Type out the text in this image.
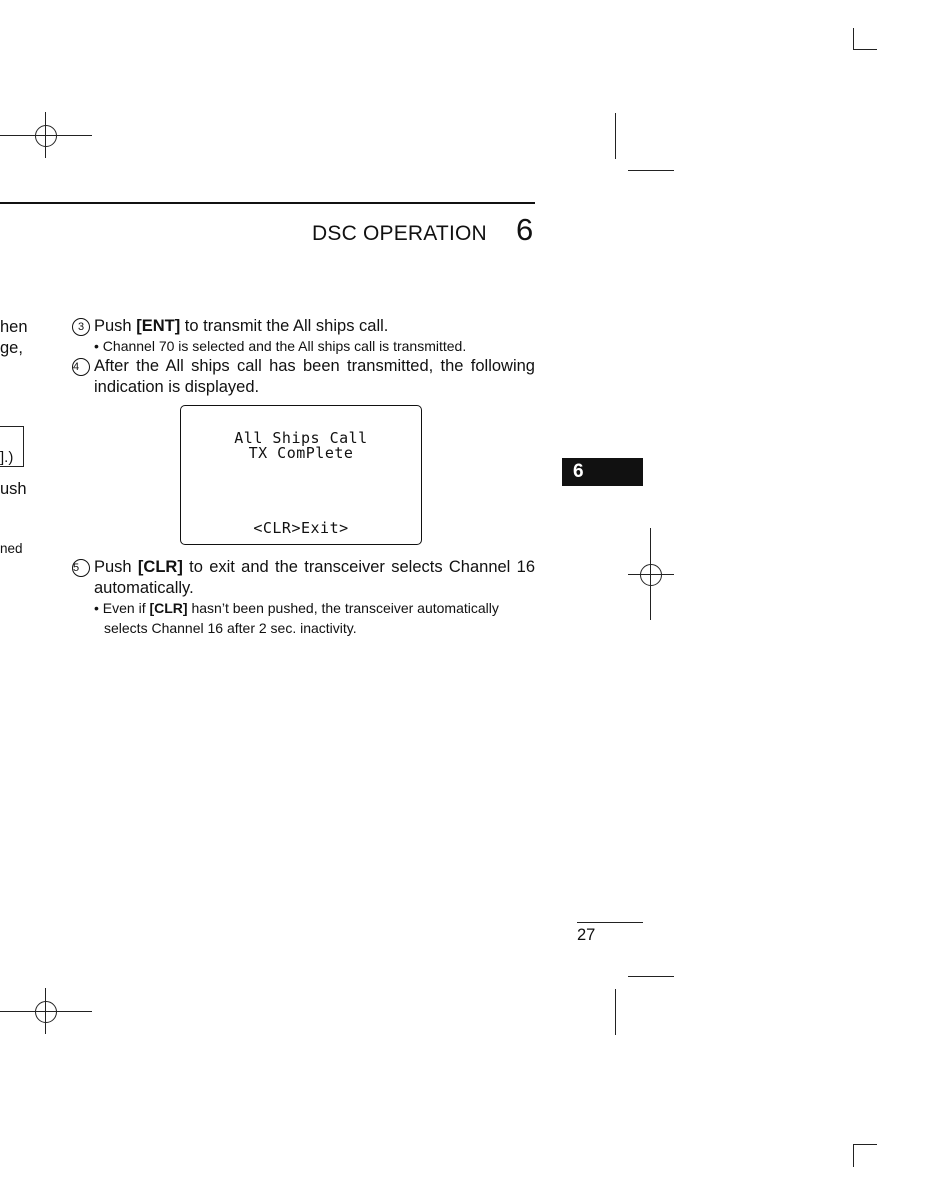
DSC OPERATION 6
hen
ge,
].)
ush
ned
3 Push [ENT] to transmit the All ships call.
• Channel 70 is selected and the All ships call is transmitted.
4 After the All ships call has been transmitted, the following
indication is displayed.
All Ships Call
TX ComPlete
<CLR>Exit>
5 Push [CLR] to exit and the transceiver selects Channel 16
automatically.
• Even if [CLR] hasn’t been pushed, the transceiver automatically
selects Channel 16 after 2 sec. inactivity.
6
27
